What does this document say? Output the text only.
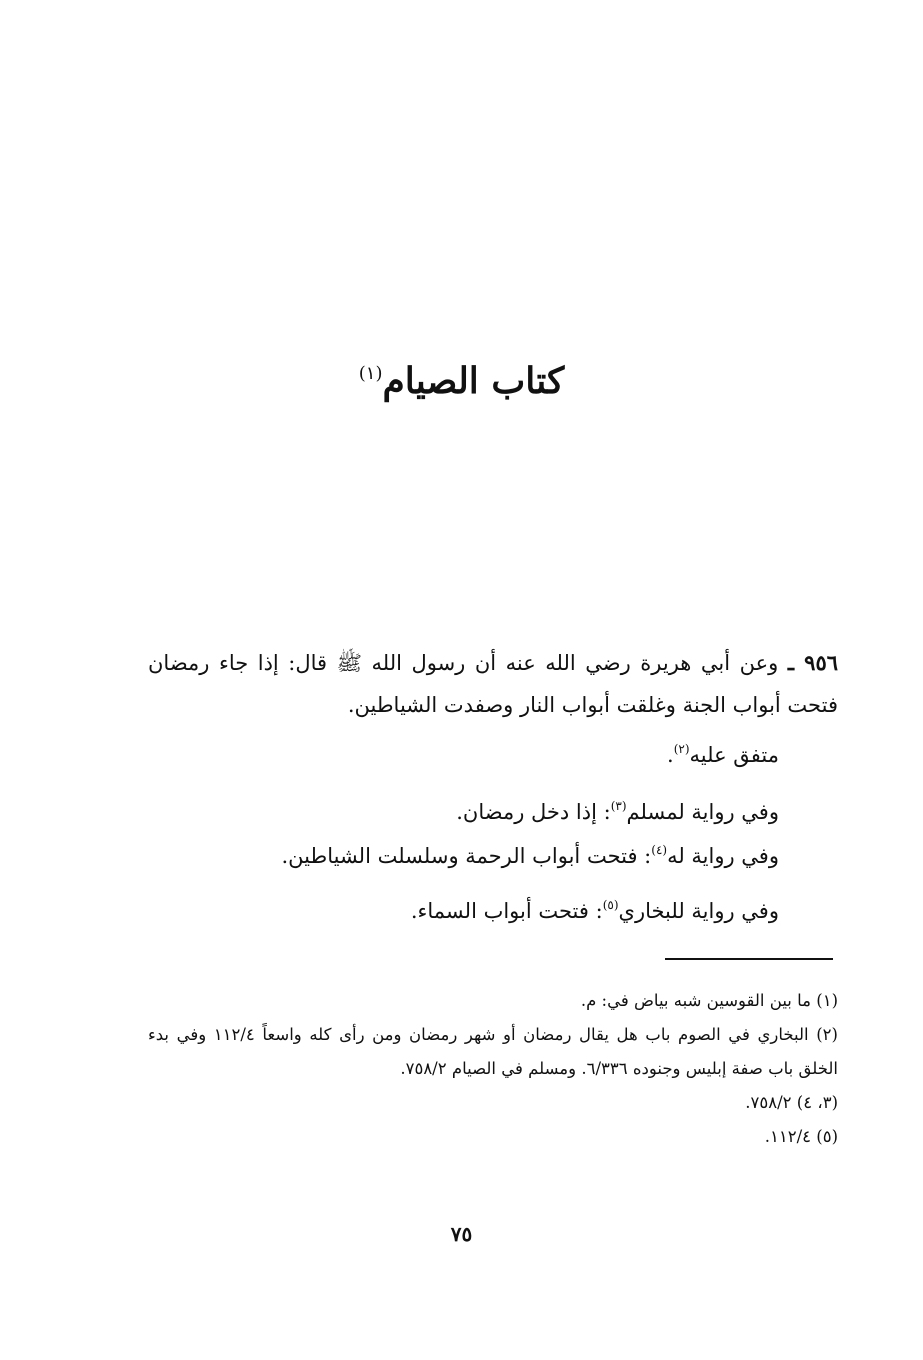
كتاب الصيام$^{(١)}$
٩٥٦ ـ وعن أبي هريرة رضي الله عنه أن رسول الله ﷺ قال: إذا جاء رمضان فتحت أبواب الجنة وغلقت أبواب النار وصفدت الشياطين.
متفق عليه$^{(٢)}$.
وفي رواية لمسلم$^{(٣)}$: إذا دخل رمضان.
وفي رواية له$^{(٤)}$: فتحت أبواب الرحمة وسلسلت الشياطين.
وفي رواية للبخاري$^{(٥)}$: فتحت أبواب السماء.
(١) ما بين القوسين شبه بياض في: م.
(٢) البخاري في الصوم باب هل يقال رمضان أو شهر رمضان ومن رأى كله واسعاً ١١٢/٤ وفي بدء الخلق باب صفة إبليس وجنوده ٦/٣٣٦. ومسلم في الصيام ٧٥٨/٢.
(٣، ٤) ٧٥٨/٢.
(٥) ١١٢/٤.
٧٥
